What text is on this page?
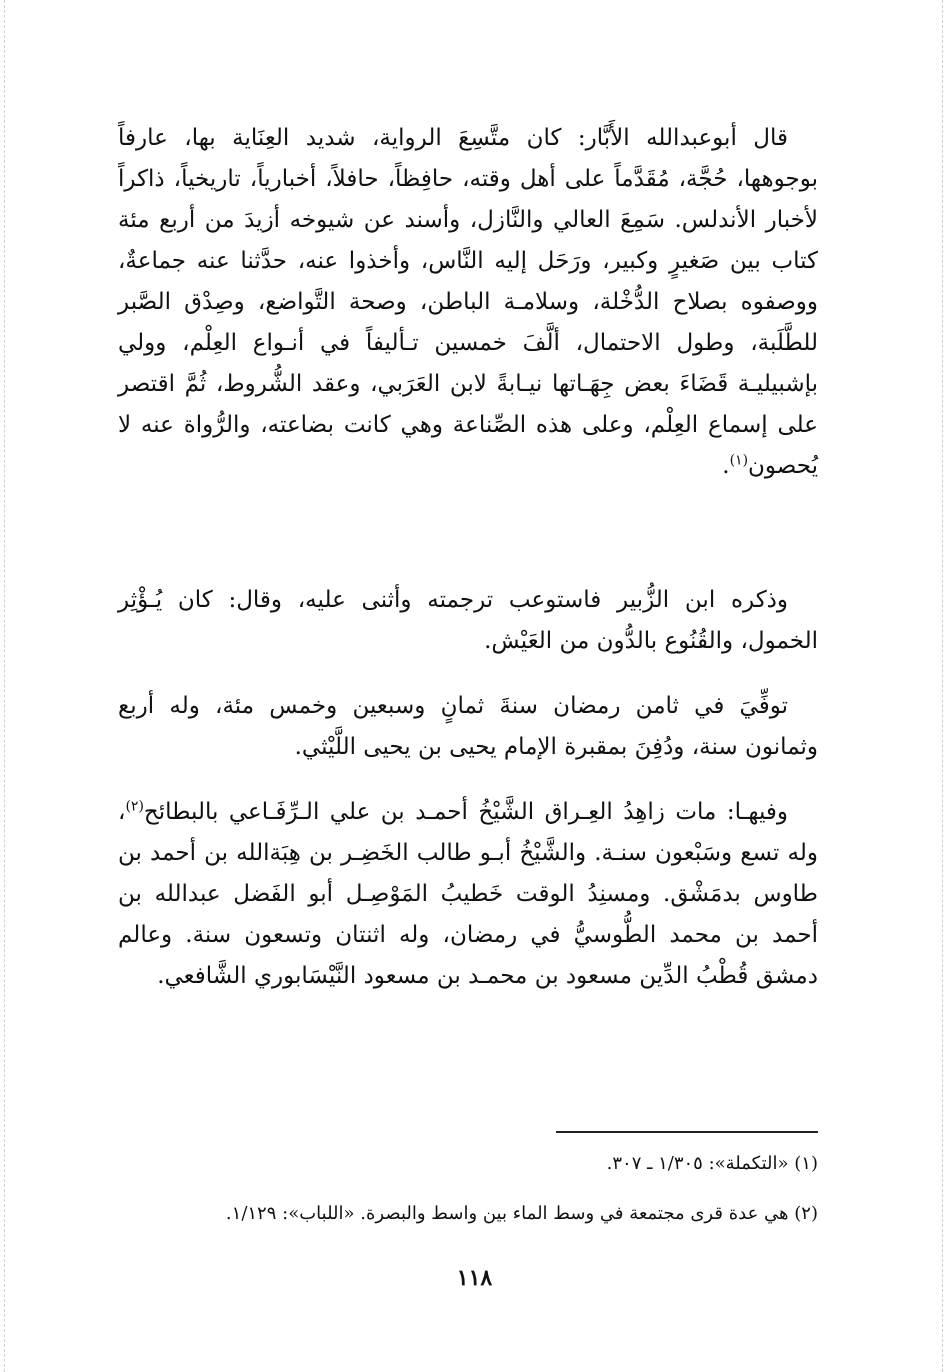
قال أبوعبدالله الأَبَّار: كان متَّسِعَ الرواية، شديد العِنَاية بها، عارفاً بوجوهها، حُجَّة، مُقَدَّماً على أهل وقته، حافِظاً، حافلاً، أخبارياً، تاريخياً، ذاكراً لأخبار الأندلس. سَمِعَ العالي والنَّازل، وأسند عن شيوخه أزيدَ من أربع مئة كتاب بين صَغيرٍ وكبير، ورَحَل إليه النَّاس، وأخذوا عنه، حدَّثنا عنه جماعةٌ، ووصفوه بصلاح الدُّخْلة، وسلامـة الباطن، وصحة التَّواضع، وصِدْق الصَّبر للطَّلَبة، وطول الاحتمال، ألَّفَ خمسين تـأليفاً في أنـواع العِلْم، وولي بإشبيليـة قَضَاءَ بعض جِهَـاتها نيـابةً لابن العَرَبي، وعقد الشُّروط، ثُمَّ اقتصر على إسماع العِلْم، وعلى هذه الصِّناعة وهي كانت بضاعته، والرُّواة عنه لا يُحصون$^{(١)}$.

وذكره ابن الزُّبير فاستوعب ترجمته وأثنى عليه، وقال: كان يُـؤْثِر الخمول، والقُنُوع بالدُّون من العَيْش.

توفِّيَ في ثامن رمضان سنةَ ثمانٍ وسبعين وخمس مئة، وله أربع وثمانون سنة، ودُفِنَ بمقبرة الإمام يحيى بن يحيى اللَّيْثي.

وفيهـا: مات زاهِدُ العِـراق الشَّيْخُ أحمـد بن علي الـرِّفَـاعي بالبطائح$^{(٢)}$، وله تسع وسَبْعون سنـة. والشَّيْخُ أبـو طالب الخَضِـر بن هِبَة‌الله بن أحمد بن طاوس بدمَشْق. ومسنِدُ الوقت خَطيبُ المَوْصِـل أبو الفَضل عبدالله بن أحمد بن محمد الطُّوسيُّ في رمضان، وله اثنتان وتسعون سنة. وعالم دمشق قُطْبُ الدِّين مسعود بن محمـد بن مسعود النَّيْسَابوري الشَّافعي.

(١) «التكملة»: ١/٣٠٥ ـ ٣٠٧.

(٢) هي عدة قرى مجتمعة في وسط الماء بين واسط والبصرة. «اللباب»: ١/١٢٩.

١١٨
